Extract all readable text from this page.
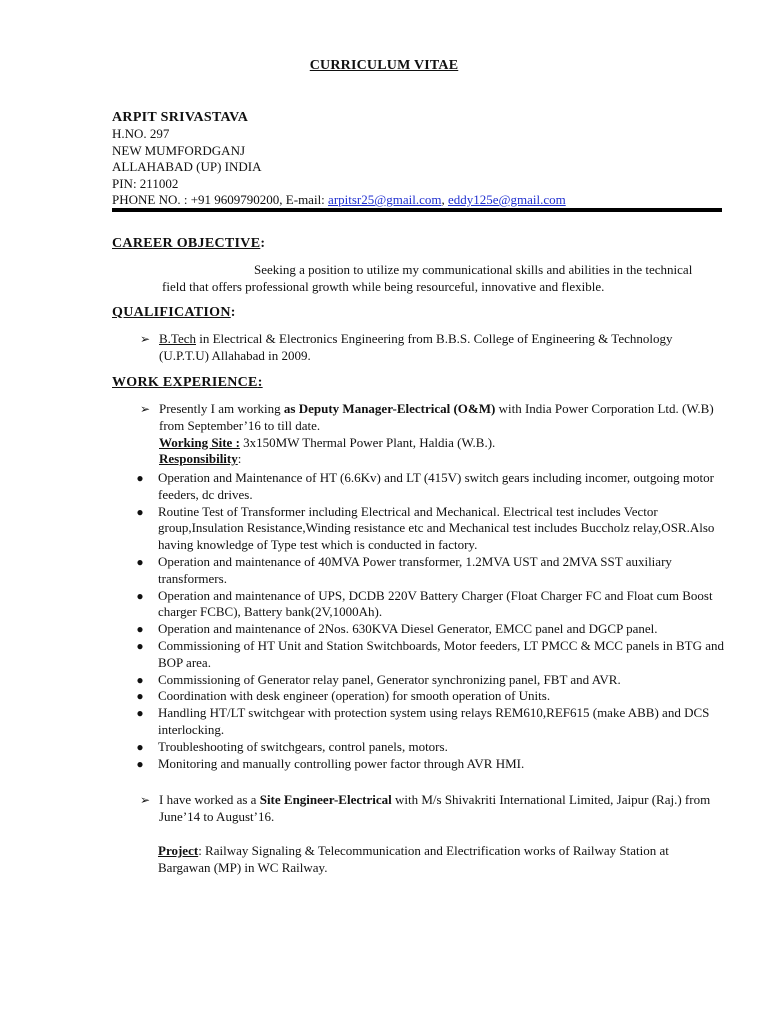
CURRICULUM VITAE
ARPIT SRIVASTAVA
H.NO. 297
NEW MUMFORDGANJ
ALLAHABAD (UP) INDIA
PIN: 211002
PHONE NO. : +91 9609790200, E-mail: arpitsr25@gmail.com, eddy125e@gmail.com
CAREER OBJECTIVE:
Seeking a position to utilize my communicational skills and abilities in the technical field that offers professional growth while being resourceful, innovative and flexible.
QUALIFICATION:
➢ B.Tech in Electrical & Electronics Engineering from B.B.S. College of Engineering & Technology (U.P.T.U) Allahabad in 2009.
WORK EXPERIENCE:
➢ Presently I am working as Deputy Manager-Electrical (O&M) with India Power Corporation Ltd. (W.B) from September’16 to till date.
Working Site : 3x150MW Thermal Power Plant, Haldia (W.B.).
Responsibility:
● Operation and Maintenance of HT (6.6Kv) and LT (415V) switch gears including incomer, outgoing motor feeders, dc drives.
● Routine Test of Transformer including Electrical and Mechanical. Electrical test includes Vector group,Insulation Resistance,Winding resistance etc and Mechanical test includes Buccholz relay,OSR.Also having knowledge of Type test which is conducted in factory.
● Operation and maintenance of 40MVA Power transformer, 1.2MVA UST and 2MVA SST auxiliary transformers.
● Operation and maintenance of UPS, DCDB 220V Battery Charger (Float Charger FC and Float cum Boost charger FCBC), Battery bank(2V,1000Ah).
● Operation and maintenance of 2Nos. 630KVA Diesel Generator, EMCC panel and DGCP panel.
● Commissioning of HT Unit and Station Switchboards, Motor feeders, LT PMCC & MCC panels in BTG and BOP area.
● Commissioning of Generator relay panel, Generator synchronizing panel, FBT and AVR.
● Coordination with desk engineer (operation) for smooth operation of Units.
● Handling HT/LT switchgear with protection system using relays REM610,REF615 (make ABB) and DCS interlocking.
● Troubleshooting of switchgears, control panels, motors.
● Monitoring and manually controlling power factor through AVR HMI.
➢ I have worked as a Site Engineer-Electrical with M/s Shivakriti International Limited, Jaipur (Raj.) from June’14 to August’16.
Project: Railway Signaling & Telecommunication and Electrification works of Railway Station at Bargawan (MP) in WC Railway.
